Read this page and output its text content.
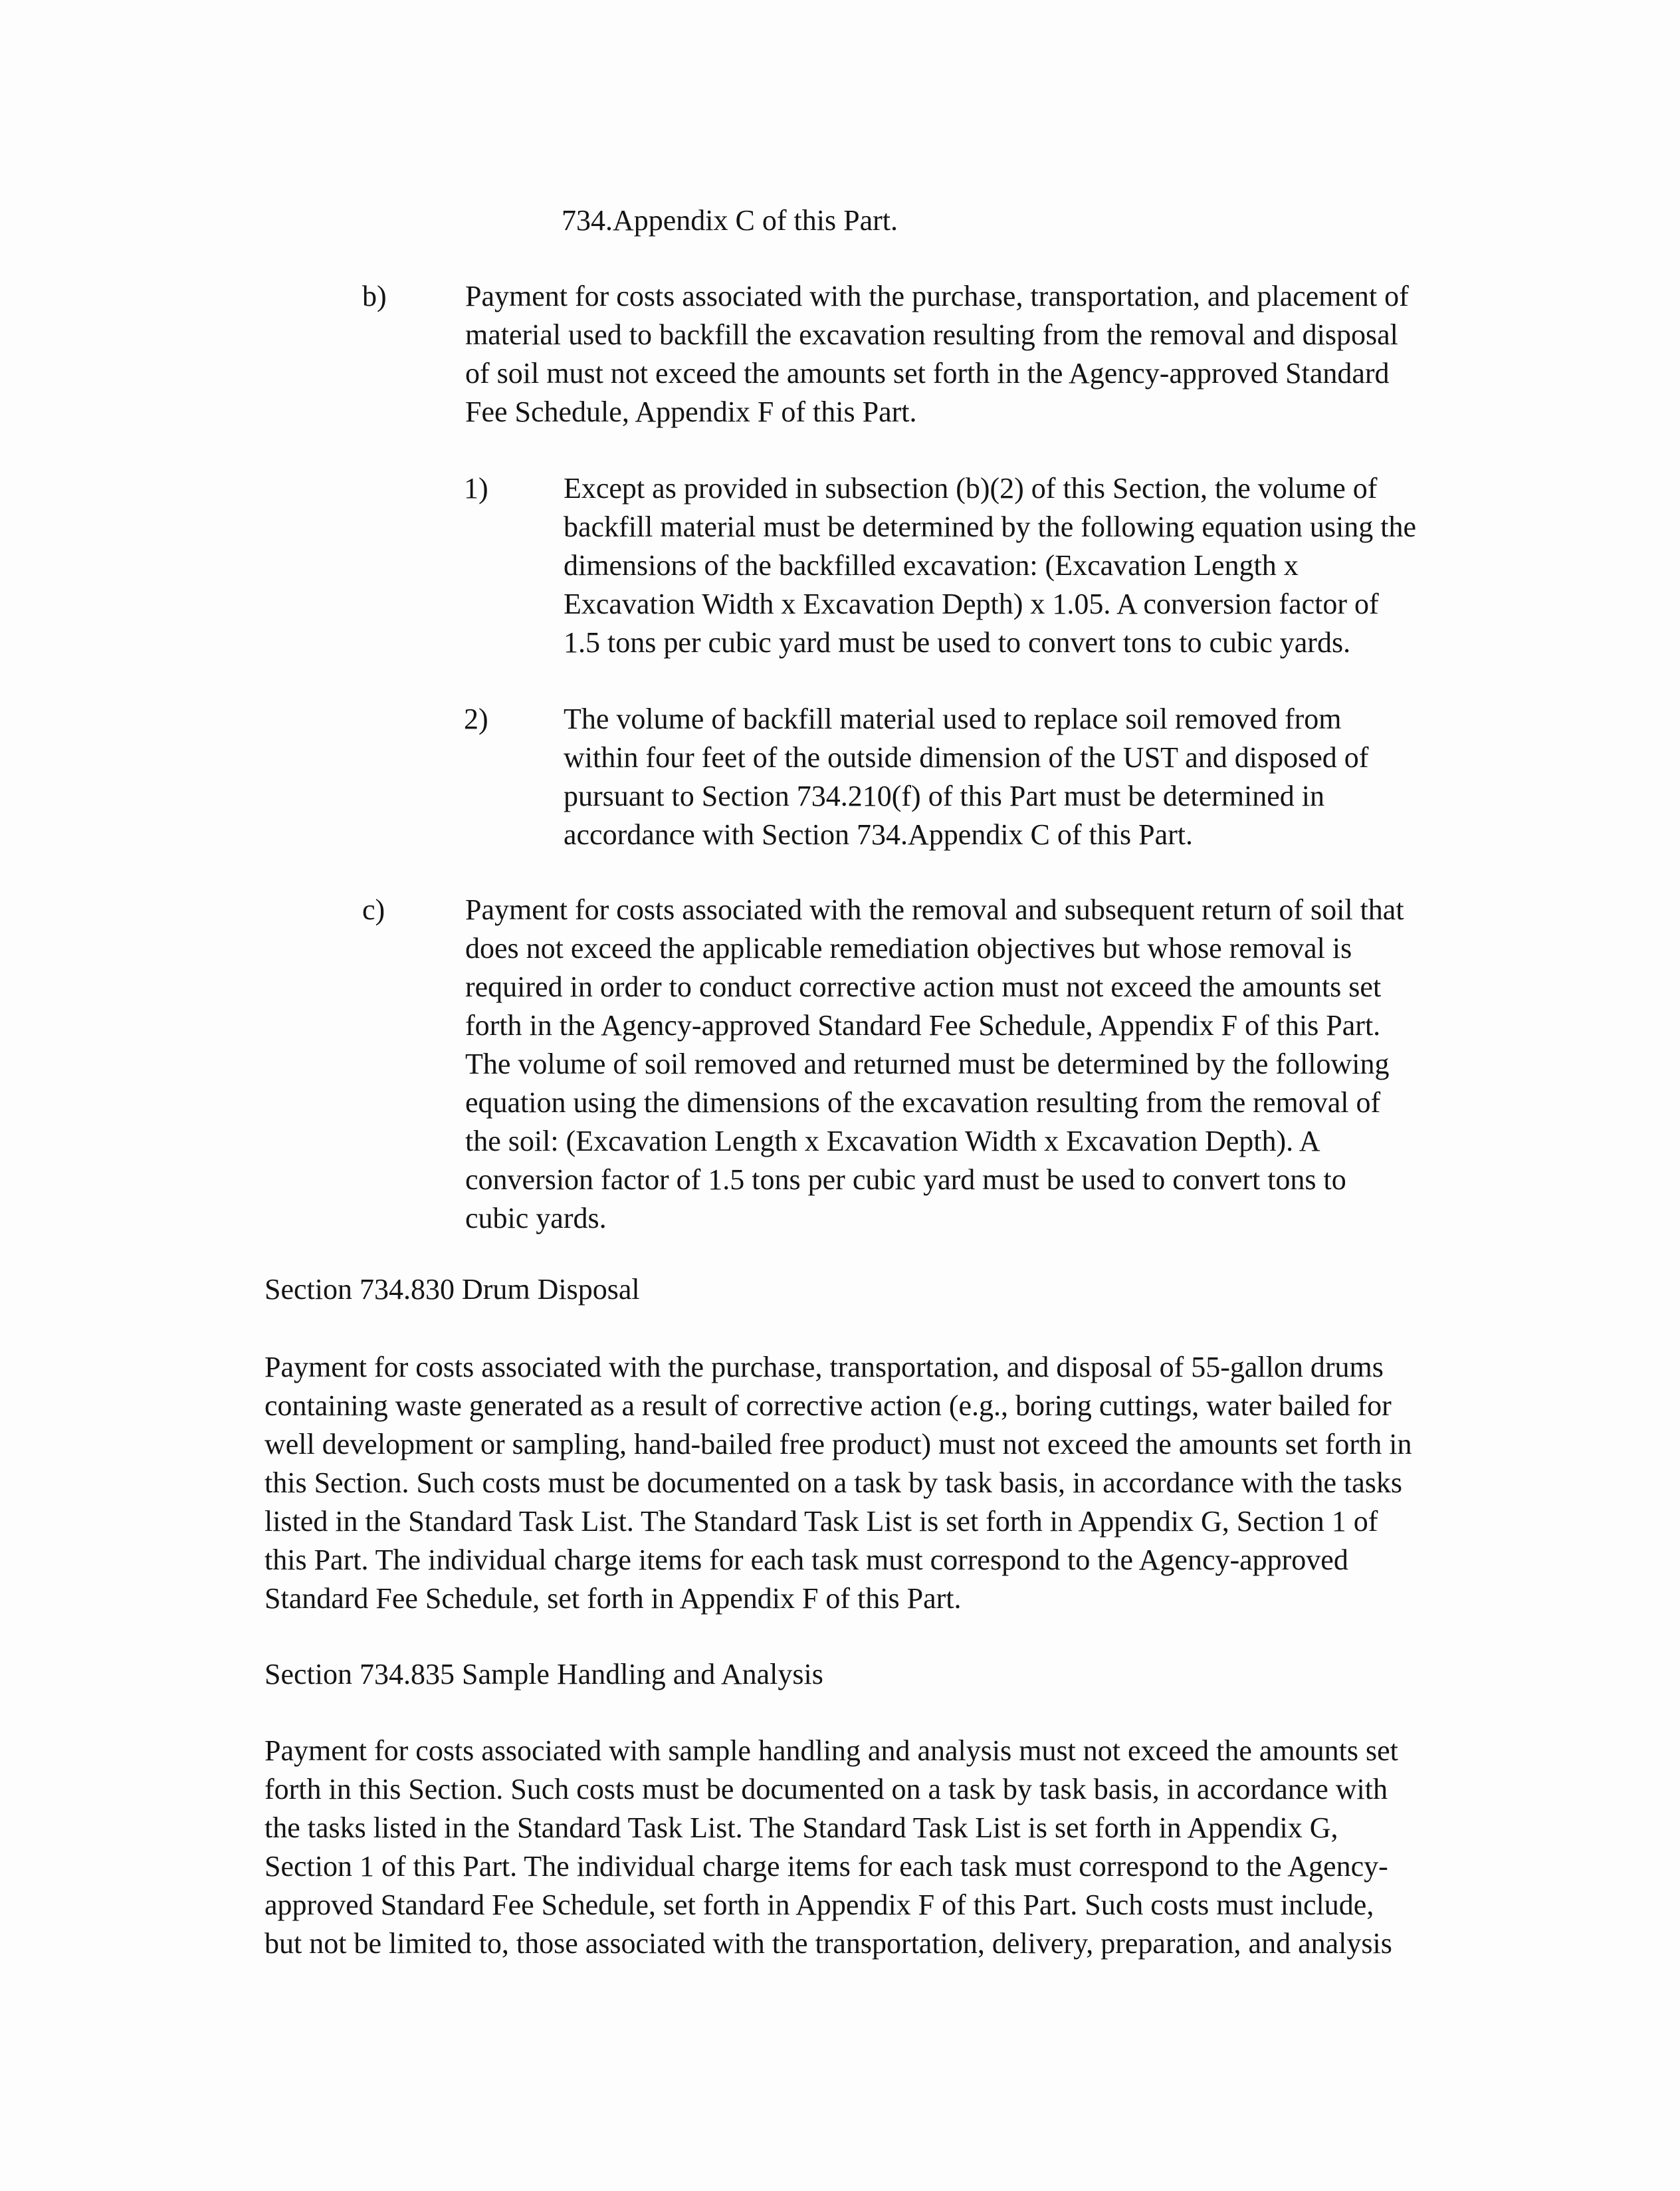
734.Appendix C of this Part.

b)	Payment for costs associated with the purchase, transportation, and placement of
material used to backfill the excavation resulting from the removal and disposal
of soil must not exceed the amounts set forth in the Agency-approved Standard
Fee Schedule, Appendix F of this Part.
1)	Except as provided in subsection (b)(2) of this Section, the volume of
backfill material must be determined by the following equation using the
dimensions of the backfilled excavation: (Excavation Length x
Excavation Width x Excavation Depth) x 1.05. A conversion factor of
1.5 tons per cubic yard must be used to convert tons to cubic yards.
2)	The volume of backfill material used to replace soil removed from
within four feet of the outside dimension of the UST and disposed of
pursuant to Section 734.210(f) of this Part must be determined in
accordance with Section 734.Appendix C of this Part.
c)	Payment for costs associated with the removal and subsequent return of soil that
does not exceed the applicable remediation objectives but whose removal is
required in order to conduct corrective action must not exceed the amounts set
forth in the Agency-approved Standard Fee Schedule, Appendix F of this Part.
The volume of soil removed and returned must be determined by the following
equation using the dimensions of the excavation resulting from the removal of
the soil: (Excavation Length x Excavation Width x Excavation Depth). A
conversion factor of 1.5 tons per cubic yard must be used to convert tons to
cubic yards.

Section 734.830 Drum Disposal

Payment for costs associated with the purchase, transportation, and disposal of 55-gallon drums
containing waste generated as a result of corrective action (e.g., boring cuttings, water bailed for
well development or sampling, hand-bailed free product) must not exceed the amounts set forth in
this Section. Such costs must be documented on a task by task basis, in accordance with the tasks
listed in the Standard Task List. The Standard Task List is set forth in Appendix G, Section 1 of
this Part. The individual charge items for each task must correspond to the Agency-approved
Standard Fee Schedule, set forth in Appendix F of this Part.

Section 734.835 Sample Handling and Analysis

Payment for costs associated with sample handling and analysis must not exceed the amounts set
forth in this Section. Such costs must be documented on a task by task basis, in accordance with
the tasks listed in the Standard Task List. The Standard Task List is set forth in Appendix G,
Section 1 of this Part. The individual charge items for each task must correspond to the Agency-
approved Standard Fee Schedule, set forth in Appendix F of this Part. Such costs must include,
but not be limited to, those associated with the transportation, delivery, preparation, and analysis
